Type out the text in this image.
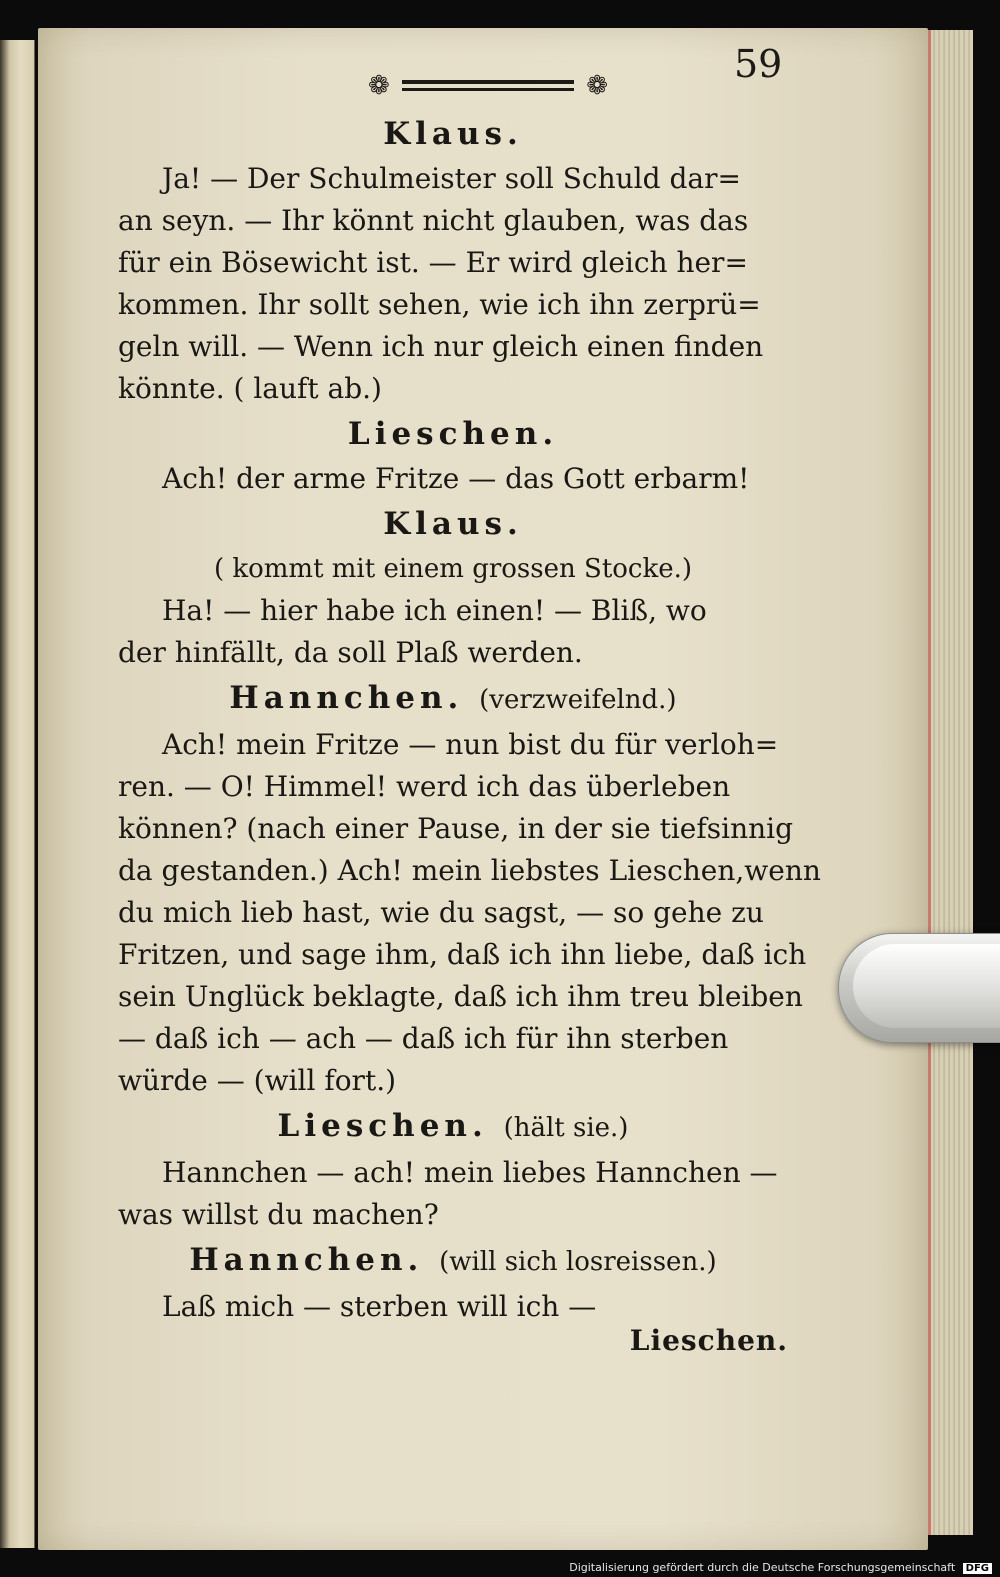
❁	❁	59
Klaus.
Ja! — Der Schulmeister soll Schuld dar=
an seyn. — Ihr könnt nicht glauben, was das
für ein Bösewicht ist. — Er wird gleich her=
kommen. Ihr sollt sehen, wie ich ihn zerprü=
geln will. — Wenn ich nur gleich einen finden
könnte. ( lauft ab.)
Lieschen.
Ach! der arme Fritze — das Gott erbarm!
Klaus.
( kommt mit einem grossen Stocke.)
Ha! — hier habe ich einen! — Bliß, wo
der hinfällt, da soll Plaß werden.
Hannchen. (verzweifelnd.)
Ach! mein Fritze — nun bist du für verloh=
ren. — O! Himmel! werd ich das überleben
können? (nach einer Pause, in der sie tiefsinnig
da gestanden.) Ach! mein liebstes Lieschen,wenn
du mich lieb hast, wie du sagst, — so gehe zu
Fritzen, und sage ihm, daß ich ihn liebe, daß ich
sein Unglück beklagte, daß ich ihm treu bleiben
— daß ich — ach — daß ich für ihn sterben
würde — (will fort.)
Lieschen. (hält sie.)
Hannchen — ach! mein liebes Hannchen —
was willst du machen?
Hannchen. (will sich losreissen.)
Laß mich — sterben will ich —
Lieschen.
Digitalisierung gefördert durch die Deutsche Forschungsgemeinschaft DFG
